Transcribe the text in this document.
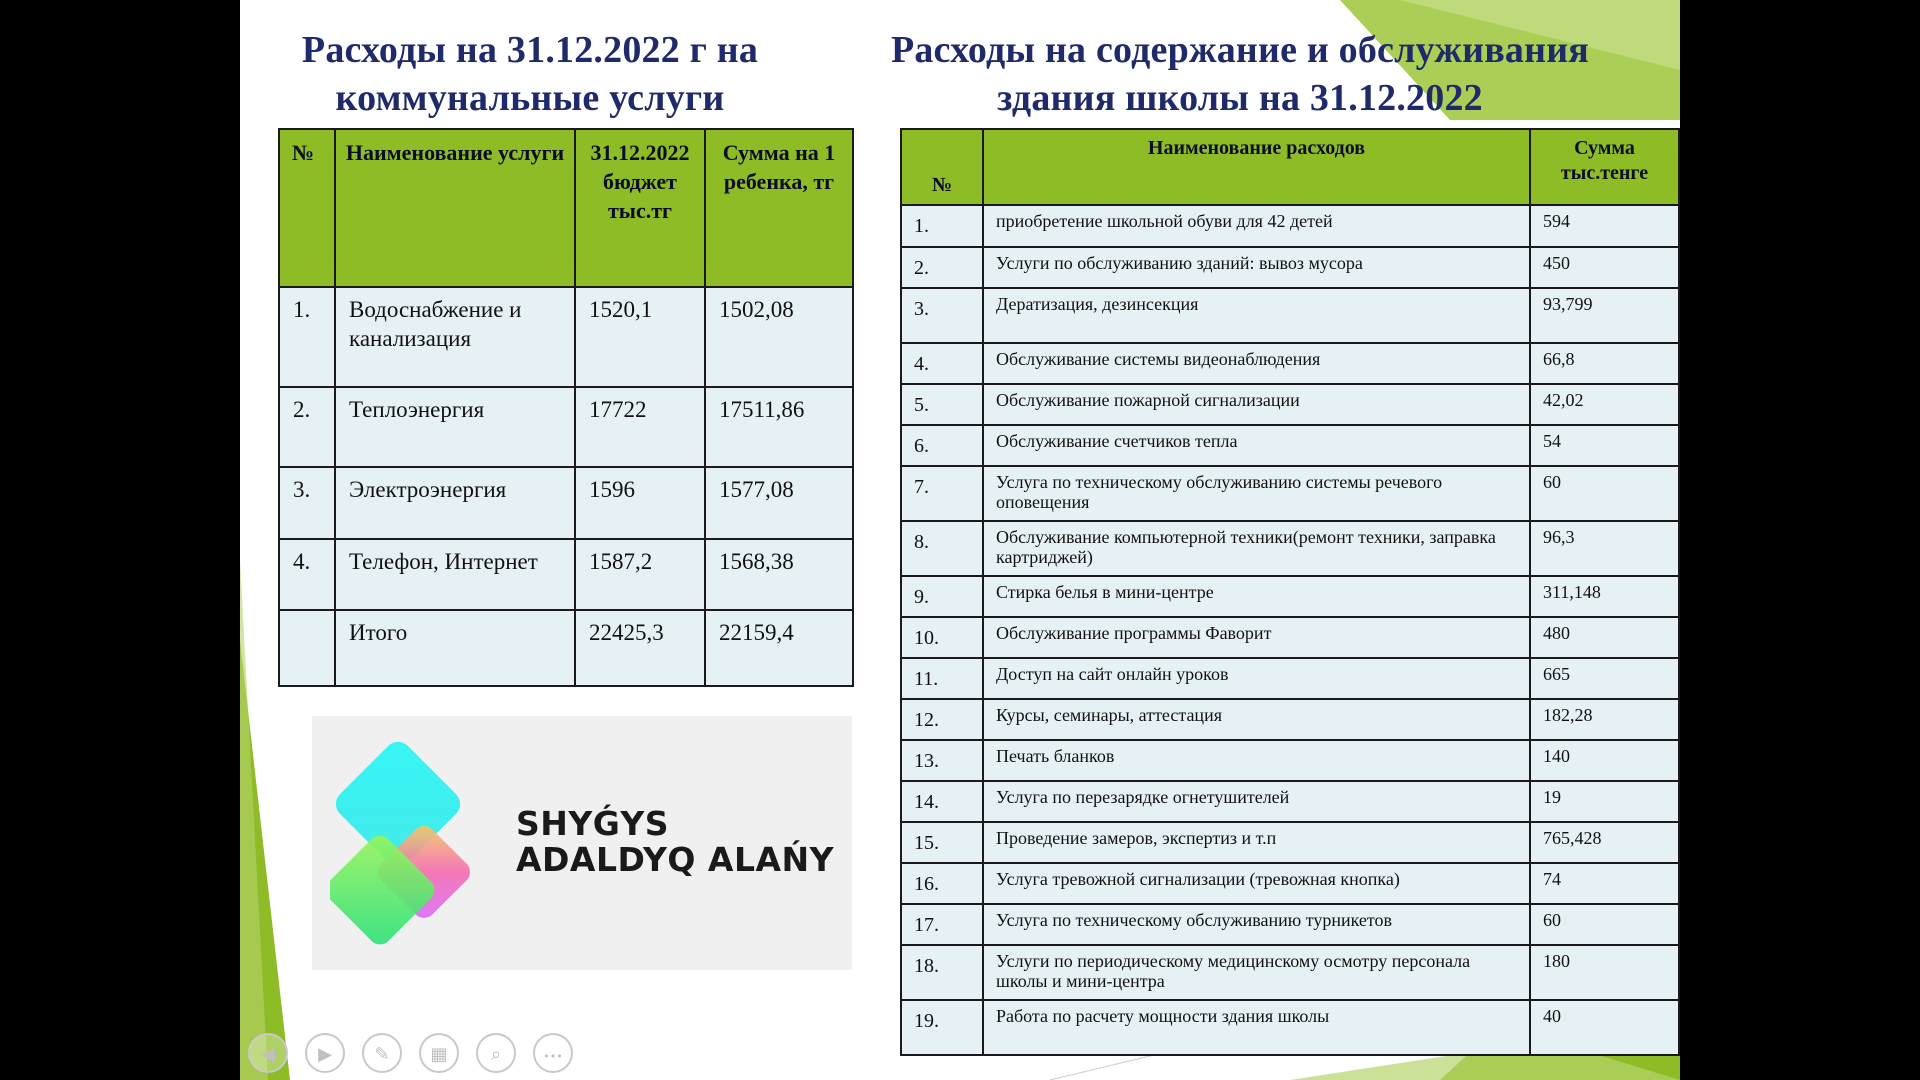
Расходы на 31.12.2022 г на коммунальные услуги
Расходы на содержание и обслуживания здания школы на 31.12.2022
№	Наименование услуги	31.12.2022 бюджет тыс.тг	Сумма на 1 ребенка, тг
1.	Водоснабжение и канализация	1520,1	1502,08
2.	Теплоэнергия	17722	17511,86
3.	Электроэнергия	1596	1577,08
4.	Телефон, Интернет	1587,2	1568,38
	Итого	22425,3	22159,4
№	Наименование расходов	Сумма тыс.тенге
1.	приобретение школьной обуви для 42 детей	594
2.	Услуги по обслуживанию зданий: вывоз мусора	450
3.	Дератизация, дезинсекция	93,799
4.	Обслуживание системы видеонаблюдения	66,8
5.	Обслуживание пожарной сигнализации	42,02
6.	Обслуживание счетчиков тепла	54
7.	Услуга по техническому обслуживанию системы речевого оповещения	60
8.	Обслуживание компьютерной техники(ремонт техники, заправка картриджей)	96,3
9.	Стирка белья в мини-центре	311,148
10.	Обслуживание программы Фаворит	480
11.	Доступ на сайт онлайн уроков	665
12.	Курсы, семинары, аттестация	182,28
13.	Печать бланков	140
14.	Услуга по перезарядке огнетушителей	19
15.	Проведение замеров, экспертиз и т.п	765,428
16.	Услуга тревожной сигнализации (тревожная кнопка)	74
17.	Услуга по техническому обслуживанию турникетов	60
18.	Услуги по периодическому медицинскому осмотру персонала школы и мини-центра	180
19.	Работа по расчету мощности здания школы	40
SHYǴYS
ADALDYQ ALAŃY
◀	▶	✎	▦	⌕	•••
